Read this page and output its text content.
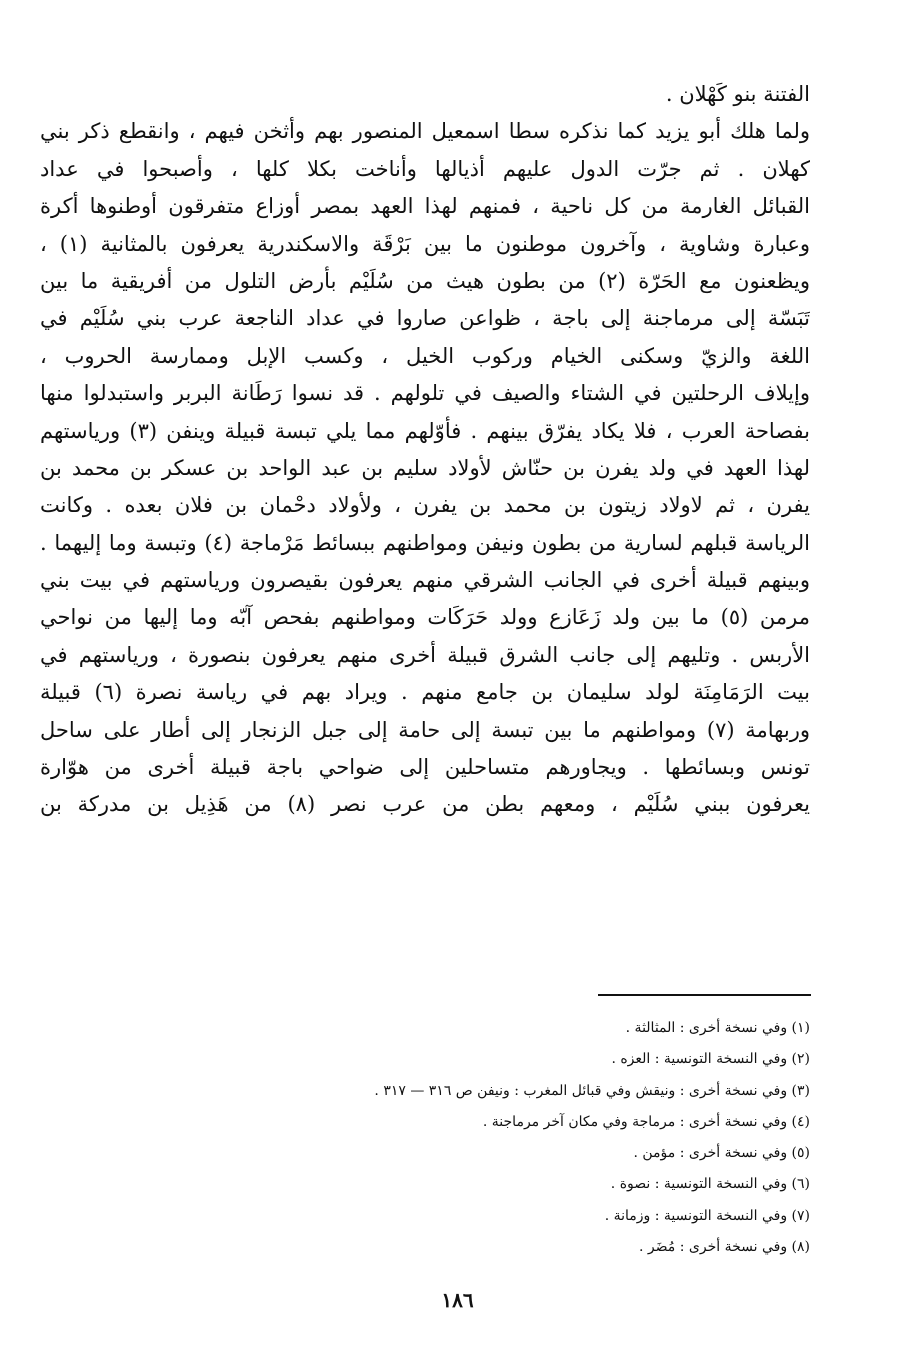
الفتنة بنو كَهْلان .
ولما هلك أبو يزيد كما نذكره سطا اسمعيل المنصور بهم وأثخن فيهم ، وانقطع ذكر بني
كهلان . ثم جرّت الدول عليهم أذيالها وأناخت بكلا كلها ، وأصبحوا في عداد
القبائل الغارمة من كل ناحية ، فمنهم لهذا العهد بمصر أوزاع متفرقون أوطنوها أكرة
وعبارة وشاوية ، وآخرون موطنون ما بين بَرْقَة والاسكندرية يعرفون بالمثانية (١) ،
ويظعنون مع الحَرّة (٢) من بطون هيث من سُلَيْم بأرض التلول من أفريقية ما بين
تَبَسّة إلى مرماجنة إلى باجة ، ظواعن صاروا في عداد الناجعة عرب بني سُلَيْم في
اللغة والزيّ وسكنى الخيام وركوب الخيل ، وكسب الإبل وممارسة الحروب ،
وإيلاف الرحلتين في الشتاء والصيف في تلولهم . قد نسوا رَطَانة البربر واستبدلوا منها
بفصاحة العرب ، فلا يكاد يفرّق بينهم . فأوّلهم مما يلي تبسة قبيلة وينفن (٣) ورياستهم
لهذا العهد في ولد يفرن بن حنّاش لأولاد سليم بن عبد الواحد بن عسكر بن محمد بن
يفرن ، ثم لاولاد زيتون بن محمد بن يفرن ، ولأولاد دحْمان بن فلان بعده . وكانت
الرياسة قبلهم لسارية من بطون ونيفن ومواطنهم ببسائط مَرْماجة (٤) وتبسة وما إليهما .
وبينهم قبيلة أخرى في الجانب الشرقي منهم يعرفون بقيصرون ورياستهم في بيت بني
مرمن (٥) ما بين ولد زَعَازع وولد حَرَكَات ومواطنهم بفحص آبّه وما إليها من نواحي
الأربس . وتليهم إلى جانب الشرق قبيلة أخرى منهم يعرفون بنصورة ، ورياستهم في
بيت الرَمَامِنَة لولد سليمان بن جامع منهم . ويراد بهم في رياسة نصرة (٦) قبيلة
وربهامة (٧) ومواطنهم ما بين تبسة إلى حامة إلى جبل الزنجار إلى أطار على ساحل
تونس وبسائطها . ويجاورهم متساحلين إلى ضواحي باجة قبيلة أخرى من هوّارة
يعرفون ببني سُلَيْم ، ومعهم بطن من عرب نصر (٨) من هَذِيل بن مدركة بن
(١) وفي نسخة أخرى : المثالثة .
(٢) وفي النسخة التونسية : العزه .
(٣) وفي نسخة أخرى : ونيقش وفي قبائل المغرب : ونيفن ص ٣١٦ — ٣١٧ .
(٤) وفي نسخة أخرى : مرماجة وفي مكان آخر مرماجنة .
(٥) وفي نسخة أخرى : مؤمن .
(٦) وفي النسخة التونسية : نصوة .
(٧) وفي النسخة التونسية : وزمانة .
(٨) وفي نسخة أخرى : مُضَر .
١٨٦
